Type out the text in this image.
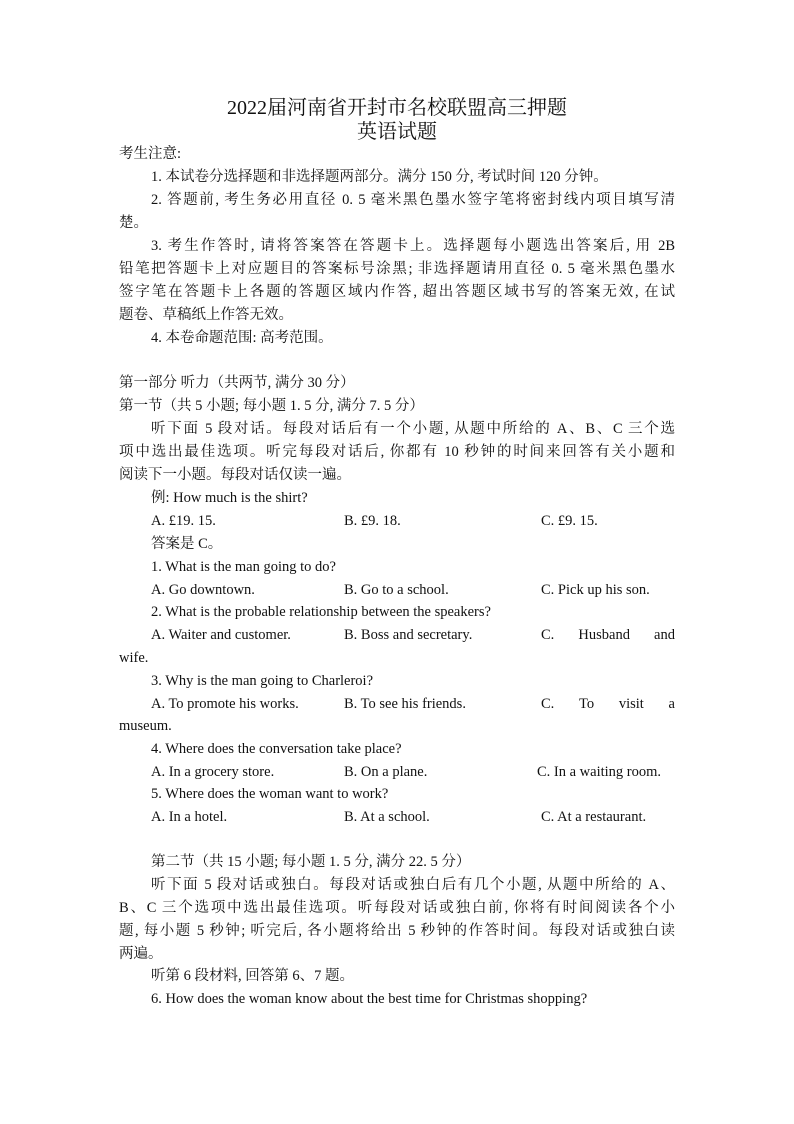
2022届河南省开封市名校联盟高三押题
英语试题
考生注意:
1. 本试卷分选择题和非选择题两部分。满分 150 分, 考试时间 120 分钟。
2. 答题前, 考生务必用直径 0. 5 毫米黑色墨水签字笔将密封线内项目填写清
楚。
3. 考生作答时, 请将答案答在答题卡上。选择题每小题选出答案后, 用 2B
铅笔把答题卡上对应题目的答案标号涂黑; 非选择题请用直径 0. 5 毫米黑色墨水
签字笔在答题卡上各题的答题区域内作答, 超出答题区域书写的答案无效, 在试
题卷、草稿纸上作答无效。
4. 本卷命题范围: 高考范围。
第一部分 听力（共两节, 满分 30 分）
第一节（共 5 小题; 每小题 1. 5 分, 满分 7. 5 分）
听下面 5 段对话。每段对话后有一个小题, 从题中所给的 A、B、C 三个选
项中选出最佳选项。听完每段对话后, 你都有 10 秒钟的时间来回答有关小题和
阅读下一小题。每段对话仅读一遍。
例: How much is the shirt?
A. £19. 15.	B. £9. 18.	C. £9. 15.
答案是 C。
1. What is the man going to do?
A. Go downtown.	B. Go to a school.	C. Pick up his son.
2. What is the probable relationship between the speakers?
A. Waiter and customer.	B. Boss and secretary.	C. Husband and
wife.
3. Why is the man going to Charleroi?
A. To promote his works.	B. To see his friends.	C. To visit a
museum.
4. Where does the conversation take place?
A. In a grocery store.	B. On a plane.	C. In a waiting room.
5. Where does the woman want to work?
A. In a hotel.	B. At a school.	C. At a restaurant.
第二节（共 15 小题; 每小题 1. 5 分, 满分 22. 5 分）
听下面 5 段对话或独白。每段对话或独白后有几个小题, 从题中所给的 A、
B、C 三个选项中选出最佳选项。听每段对话或独白前, 你将有时间阅读各个小
题, 每小题 5 秒钟; 听完后, 各小题将给出 5 秒钟的作答时间。每段对话或独白读
两遍。
听第 6 段材料, 回答第 6、7 题。
6. How does the woman know about the best time for Christmas shopping?
